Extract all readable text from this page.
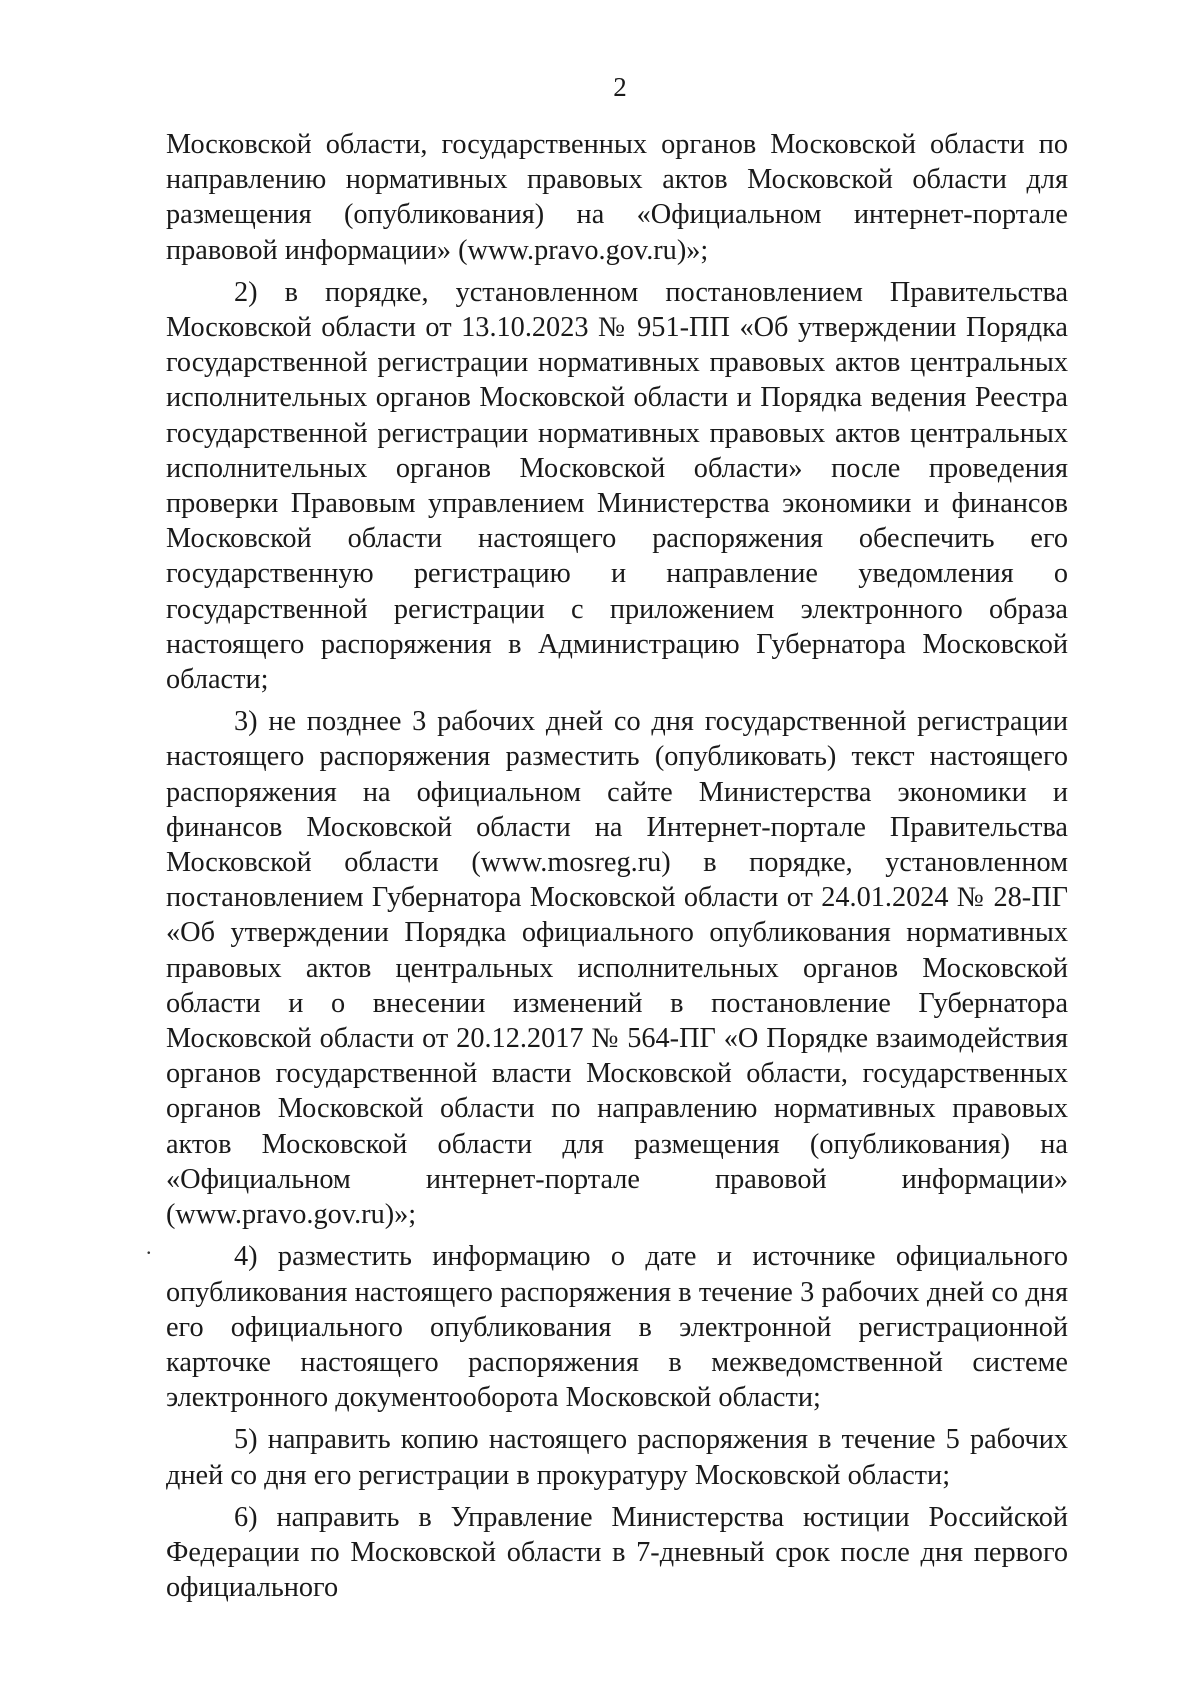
2

Московской области, государственных органов Московской области по направлению нормативных правовых актов Московской области для размещения (опубликования) на «Официальном интернет-портале правовой информации» (www.pravo.gov.ru)»;

2) в порядке, установленном постановлением Правительства Московской области от 13.10.2023 № 951-ПП «Об утверждении Порядка государственной регистрации нормативных правовых актов центральных исполнительных органов Московской области и Порядка ведения Реестра государственной регистрации нормативных правовых актов центральных исполнительных органов Московской области» после проведения проверки Правовым управлением Министерства экономики и финансов Московской области настоящего распоряжения обеспечить его государственную регистрацию и направление уведомления о государственной регистрации с приложением электронного образа настоящего распоряжения в Администрацию Губернатора Московской области;

3) не позднее 3 рабочих дней со дня государственной регистрации настоящего распоряжения разместить (опубликовать) текст настоящего распоряжения на официальном сайте Министерства экономики и финансов Московской области на Интернет-портале Правительства Московской области (www.mosreg.ru) в порядке, установленном постановлением Губернатора Московской области от 24.01.2024 № 28-ПГ «Об утверждении Порядка официального опубликования нормативных правовых актов центральных исполнительных органов Московской области и о внесении изменений в постановление Губернатора Московской области от 20.12.2017 № 564-ПГ «О Порядке взаимодействия органов государственной власти Московской области, государственных органов Московской области по направлению нормативных правовых актов Московской области для размещения (опубликования) на «Официальном интернет-портале правовой информации» (www.pravo.gov.ru)»;

4) разместить информацию о дате и источнике официального опубликования настоящего распоряжения в течение 3 рабочих дней со дня его официального опубликования в электронной регистрационной карточке настоящего распоряжения в межведомственной системе электронного документооборота Московской области;

5) направить копию настоящего распоряжения в течение 5 рабочих дней со дня его регистрации в прокуратуру Московской области;

6) направить в Управление Министерства юстиции Российской Федерации по Московской области в 7-дневный срок после дня первого официального

.
